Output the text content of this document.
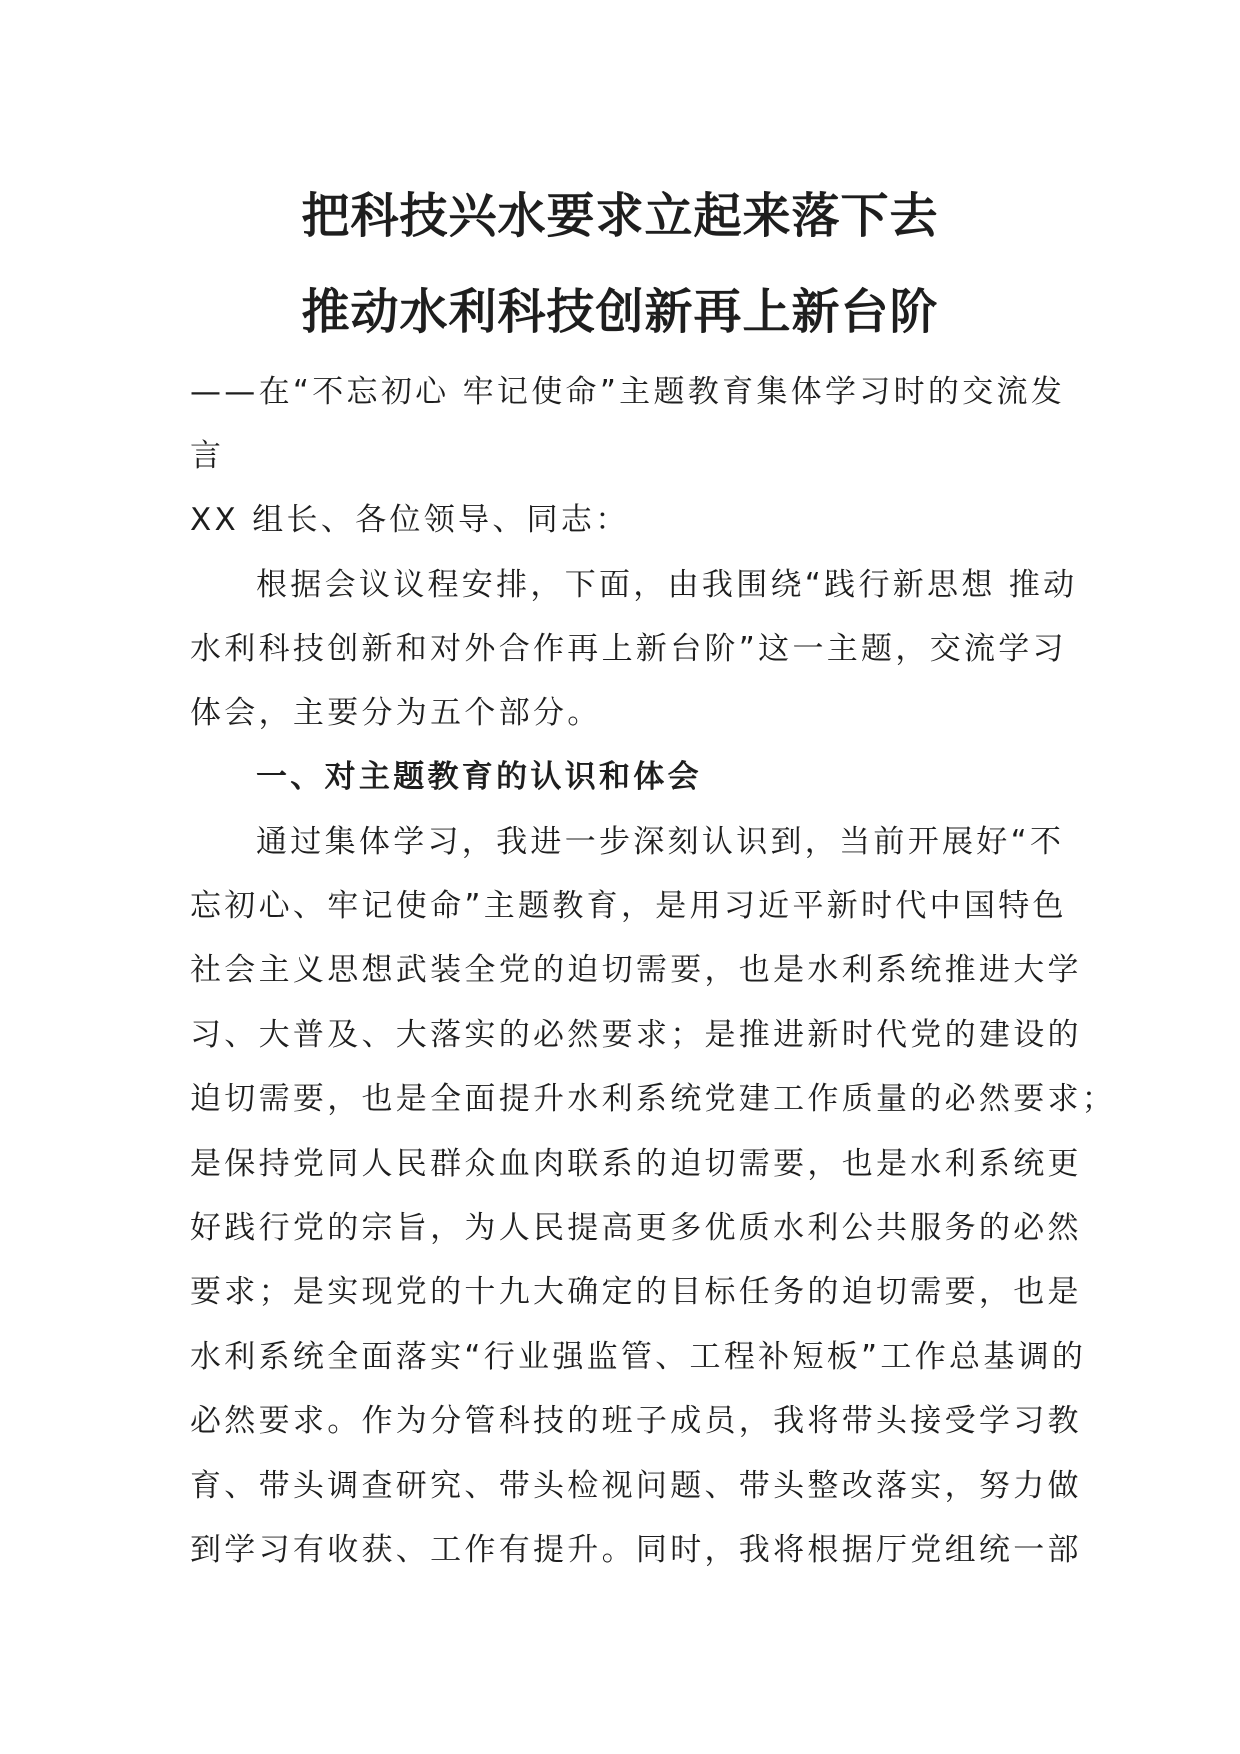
把科技兴水要求立起来落下去
推动水利科技创新再上新台阶
——在“不忘初心 牢记使命”主题教育集体学习时的交流发
言
XX 组长、各位领导、同志：
根据会议议程安排，下面，由我围绕“践行新思想 推动
水利科技创新和对外合作再上新台阶”这一主题，交流学习
体会，主要分为五个部分。
一、对主题教育的认识和体会
通过集体学习，我进一步深刻认识到，当前开展好“不
忘初心、牢记使命”主题教育，是用习近平新时代中国特色
社会主义思想武装全党的迫切需要，也是水利系统推进大学
习、大普及、大落实的必然要求；是推进新时代党的建设的
迫切需要，也是全面提升水利系统党建工作质量的必然要求；
是保持党同人民群众血肉联系的迫切需要，也是水利系统更
好践行党的宗旨，为人民提高更多优质水利公共服务的必然
要求；是实现党的十九大确定的目标任务的迫切需要，也是
水利系统全面落实“行业强监管、工程补短板”工作总基调的
必然要求。作为分管科技的班子成员，我将带头接受学习教
育、带头调查研究、带头检视问题、带头整改落实，努力做
到学习有收获、工作有提升。同时，我将根据厅党组统一部
